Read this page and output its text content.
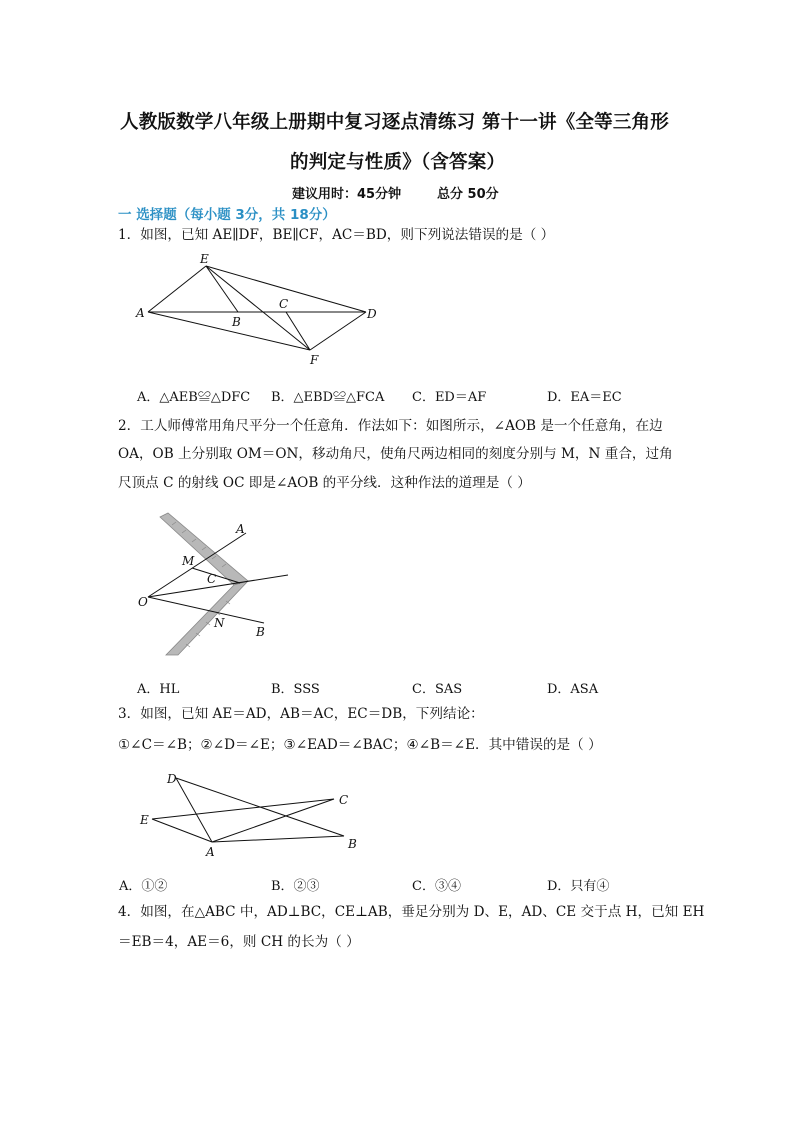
人教版数学八年级上册期中复习逐点清练习 第十一讲《全等三角形
的判定与性质》（含答案）
建议用时：45分钟	总分 50分
一 选择题（每小题 3分，共 18分）
1．如图，已知 AE∥DF，BE∥CF，AC＝BD，则下列说法错误的是（ ）
E
A
B
C
D
F
A．△AEB≌△DFC B．△EBD≌△FCA C．ED＝AF	D．EA＝EC
2．工人师傅常用角尺平分一个任意角．作法如下：如图所示，∠AOB 是一个任意角，在边
OA，OB 上分别取 OM＝ON，移动角尺，使角尺两边相同的刻度分别与 M，N 重合，过角
尺顶点 C 的射线 OC 即是∠AOB 的平分线．这种作法的道理是（ ）
A
M
C
O
N
B
A．HL	B．SSS	C．SAS	D．ASA
3．如图，已知 AE＝AD，AB＝AC，EC＝DB，下列结论：
①∠C＝∠B；②∠D＝∠E；③∠EAD＝∠BAC；④∠B＝∠E．其中错误的是（ ）
D
C
E
A
B
A．①②	B．②③	C．③④	D．只有④
4．如图，在△ABC 中，AD⊥BC，CE⊥AB，垂足分别为 D、E，AD、CE 交于点 H，已知 EH
＝EB＝4，AE＝6，则 CH 的长为（ ）
